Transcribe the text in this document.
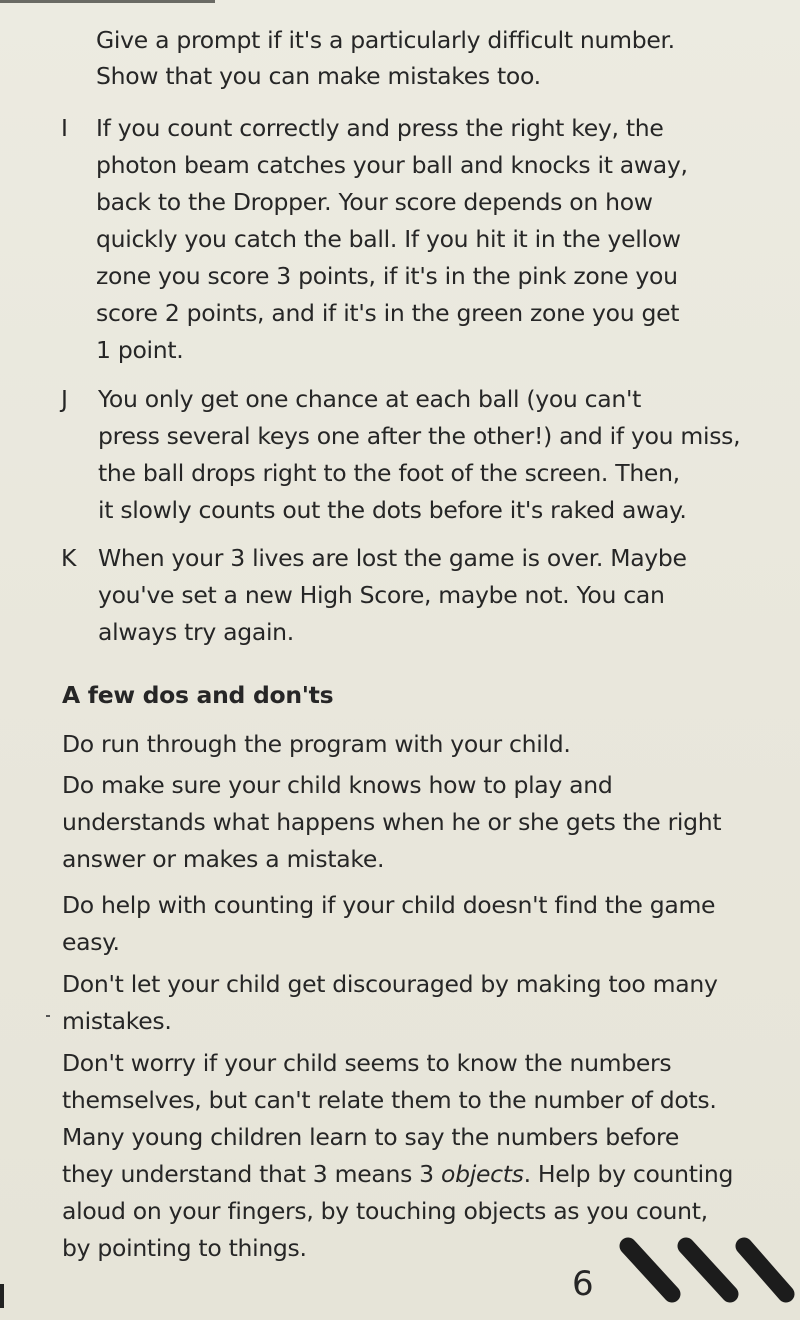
Give a prompt if it's a particularly difficult number.
Show that you can make mistakes too.
I If you count correctly and press the right key, the
photon beam catches your ball and knocks it away,
back to the Dropper. Your score depends on how
quickly you catch the ball. If you hit it in the yellow
zone you score 3 points, if it's in the pink zone you
score 2 points, and if it's in the green zone you get
1 point.
J You only get one chance at each ball (you can't
press several keys one after the other!) and if you miss,
the ball drops right to the foot of the screen. Then,
it slowly counts out the dots before it's raked away.
K When your 3 lives are lost the game is over. Maybe
you've set a new High Score, maybe not. You can
always try again.
A few dos and don'ts
Do run through the program with your child.
Do make sure your child knows how to play and
understands what happens when he or she gets the right
answer or makes a mistake.
Do help with counting if your child doesn't find the game
easy.
Don't let your child get discouraged by making too many
mistakes.
Don't worry if your child seems to know the numbers
themselves, but can't relate them to the number of dots.
Many young children learn to say the numbers before
they understand that 3 means 3 objects. Help by counting
aloud on your fingers, by touching objects as you count,
by pointing to things.
6
